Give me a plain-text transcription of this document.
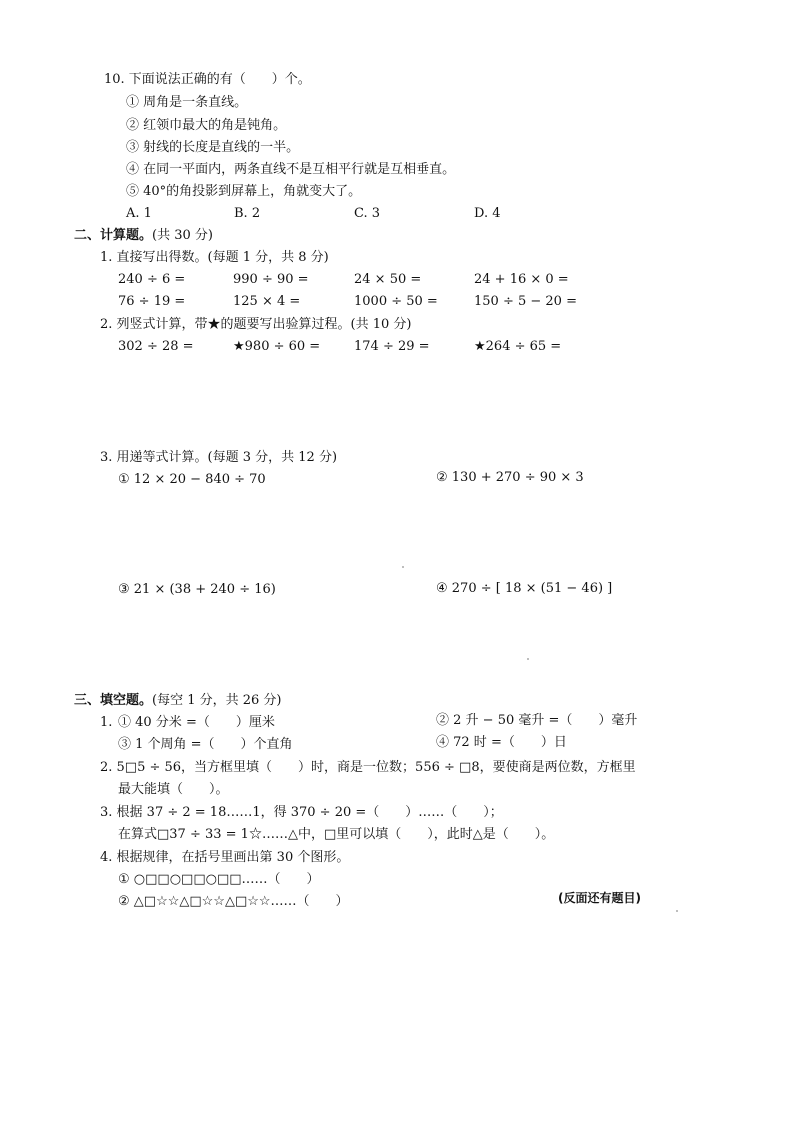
10. 下面说法正确的有（　　）个。
① 周角是一条直线。
② 红领巾最大的角是钝角。
③ 射线的长度是直线的一半。
④ 在同一平面内，两条直线不是互相平行就是互相垂直。
⑤ 40°的角投影到屏幕上，角就变大了。
A. 1	B. 2	C. 3	D. 4
二、计算题。(共 30 分)
1. 直接写出得数。(每题 1 分，共 8 分)
240 ÷ 6 =	990 ÷ 90 =	24 × 50 =	24 + 16 × 0 =
76 ÷ 19 =	125 × 4 =	1000 ÷ 50 =	150 ÷ 5 − 20 =
2. 列竖式计算，带★的题要写出验算过程。(共 10 分)
302 ÷ 28 =	★980 ÷ 60 =	174 ÷ 29 =	★264 ÷ 65 =
3. 用递等式计算。(每题 3 分，共 12 分)
① 12 × 20 − 840 ÷ 70	② 130 + 270 ÷ 90 × 3
③ 21 × (38 + 240 ÷ 16)	④ 270 ÷ [ 18 × (51 − 46) ]
三、填空题。(每空 1 分，共 26 分)
1. ① 40 分米 =（　　）厘米	② 2 升 − 50 毫升 =（　　）毫升
③ 1 个周角 =（　　）个直角	④ 72 时 =（　　）日
2. 5□5 ÷ 56，当方框里填（　　）时，商是一位数；556 ÷ □8，要使商是两位数，方框里
最大能填（　　）。
3. 根据 37 ÷ 2 = 18……1，得 370 ÷ 20 =（　　）……（　　）；
在算式□37 ÷ 33 = 1☆……△中，□里可以填（　　），此时△是（　　）。
4. 根据规律，在括号里画出第 30 个图形。
① ○□□○□□○□□……（　　）
② △□☆☆△□☆☆△□☆☆……（　　）	(反面还有题目)
